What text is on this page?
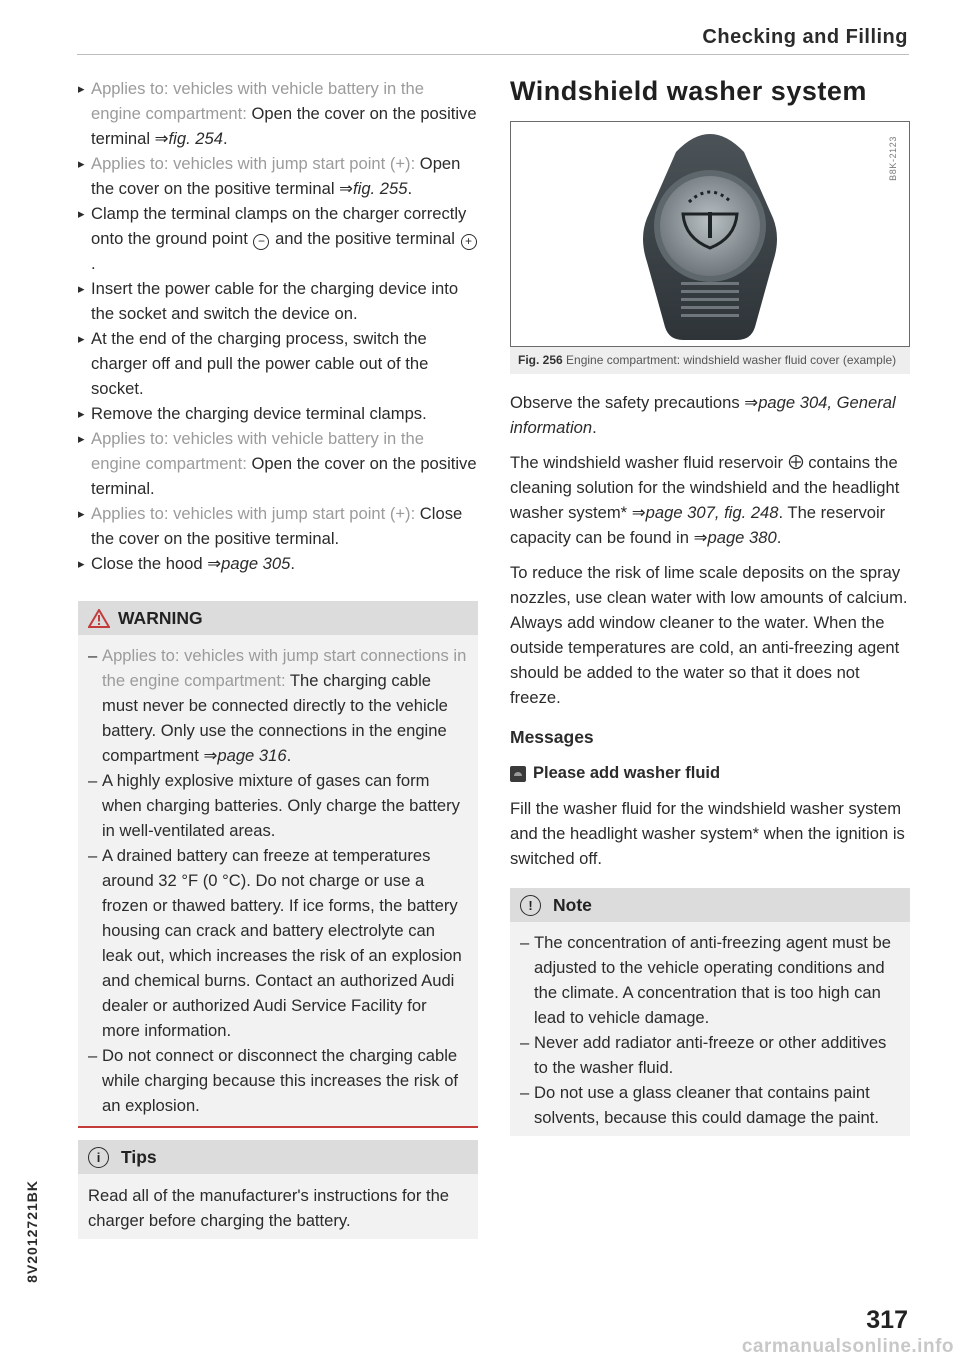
Checking and Filling
▸ Applies to: vehicles with vehicle battery in the engine compartment: Open the cover on the positive terminal ⇒fig. 254.
▸ Applies to: vehicles with jump start point (+): Open the cover on the positive terminal ⇒fig. 255.
▸ Clamp the terminal clamps on the charger correctly onto the ground point − and the positive terminal +.
▸ Insert the power cable for the charging device into the socket and switch the device on.
▸ At the end of the charging process, switch the charger off and pull the power cable out of the socket.
▸ Remove the charging device terminal clamps.
▸ Applies to: vehicles with vehicle battery in the engine compartment: Open the cover on the positive terminal.
▸ Applies to: vehicles with jump start point (+): Close the cover on the positive terminal.
▸ Close the hood ⇒page 305.
WARNING
– Applies to: vehicles with jump start connections in the engine compartment: The charging cable must never be connected directly to the vehicle battery. Only use the connections in the engine compartment ⇒page 316.
– A highly explosive mixture of gases can form when charging batteries. Only charge the battery in well-ventilated areas.
– A drained battery can freeze at temperatures around 32 °F (0 °C). Do not charge or use a frozen or thawed battery. If ice forms, the battery housing can crack and battery electrolyte can leak out, which increases the risk of an explosion and chemical burns. Contact an authorized Audi dealer or authorized Audi Service Facility for more information.
– Do not connect or disconnect the charging cable while charging because this increases the risk of an explosion.
i	Tips
Read all of the manufacturer's instructions for the charger before charging the battery.
Windshield washer system
B8K-2123
Fig. 256 Engine compartment: windshield washer fluid cover (example)

Observe the safety precautions ⇒page 304, General information.

The windshield washer fluid reservoir  contains the cleaning solution for the windshield and the headlight washer system* ⇒page 307, fig. 248. The reservoir capacity can be found in ⇒page 380.

To reduce the risk of lime scale deposits on the spray nozzles, use clean water with low amounts of calcium. Always add window cleaner to the water. When the outside temperatures are cold, an anti-freezing agent should be added to the water so that it does not freeze.

Messages
Please add washer fluid

Fill the washer fluid for the windshield washer system and the headlight washer system* when the ignition is switched off.

!	Note
– The concentration of anti-freezing agent must be adjusted to the vehicle operating conditions and the climate. A concentration that is too high can lead to vehicle damage.
– Never add radiator anti-freeze or other additives to the washer fluid.
– Do not use a glass cleaner that contains paint solvents, because this could damage the paint.
8V2012721BK
317
carmanualsonline.info
